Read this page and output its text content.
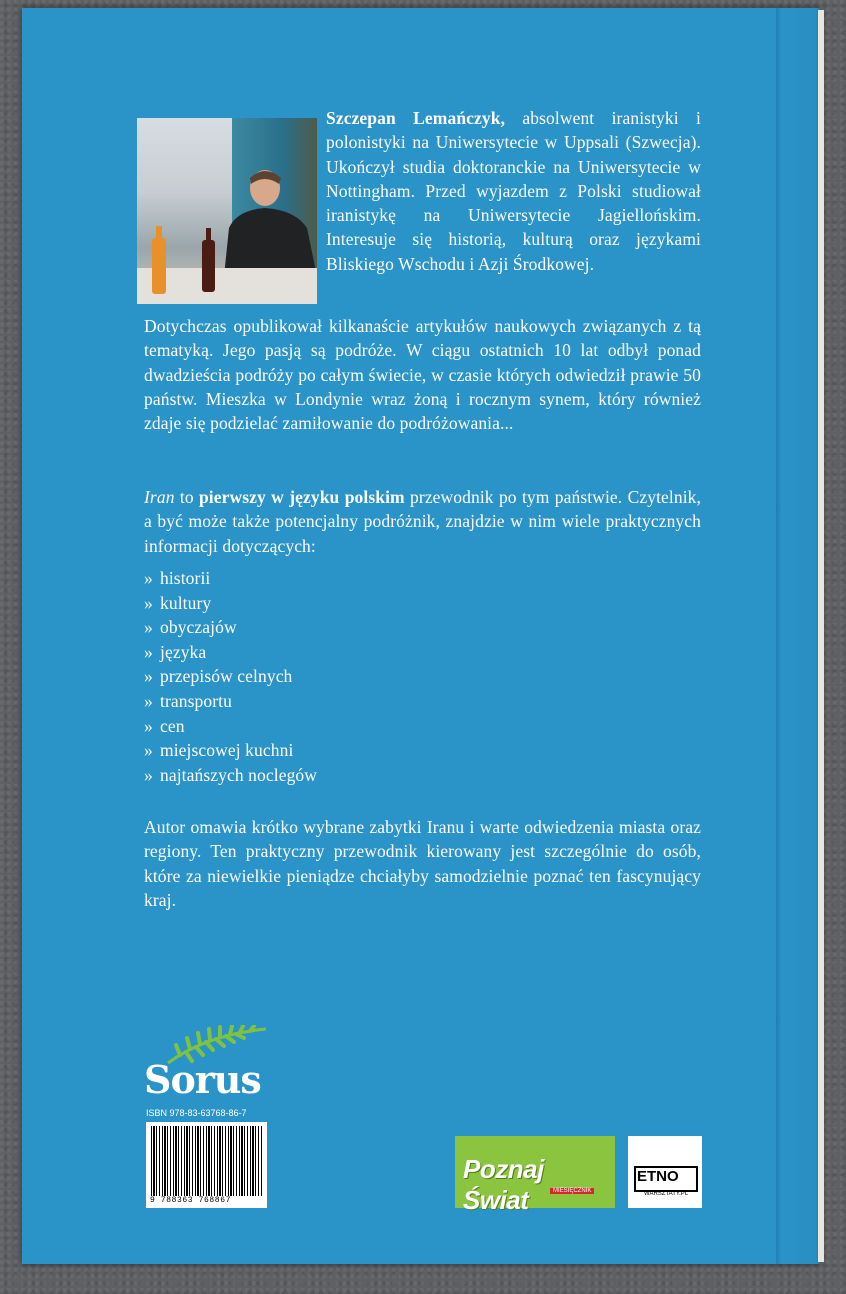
Szczepan Lemańczyk, absolwent iranistyki i polonistyki na Uniwersytecie w Uppsali (Szwecja). Ukończył studia doktoranckie na Uniwersytecie w Nottingham. Przed wyjazdem z Polski studiował iranistykę na Uniwersytecie Jagiellońskim. Interesuje się historią, kulturą oraz językami Bliskiego Wschodu i Azji Środkowej.
Dotychczas opublikował kilkanaście artykułów naukowych związanych z tą tematyką. Jego pasją są podróże. W ciągu ostatnich 10 lat odbył ponad dwadzieścia podróży po całym świecie, w czasie których odwiedził prawie 50 państw. Mieszka w Londynie wraz żoną i rocznym synem, który również zdaje się podzielać zamiłowanie do podróżowania...
Iran to pierwszy w języku polskim przewodnik po tym państwie. Czytelnik, a być może także potencjalny podróżnik, znajdzie w nim wiele praktycznych informacji dotyczących:
» historii
» kultury
» obyczajów
» języka
» przepisów celnych
» transportu
» cen
» miejscowej kuchni
» najtańszych noclegów
Autor omawia krótko wybrane zabytki Iranu i warte odwiedzenia miasta oraz regiony. Ten praktyczny przewodnik kierowany jest szczególnie do osób, które za niewielkie pieniądze chciałyby samodzielnie poznać ten fascynujący kraj.
Sorus
ISBN 978-83-63768-86-7
9 788363 768867
Poznaj Świat	MIESIĘCZNIK
ETNO
WARSZTATY.PL
